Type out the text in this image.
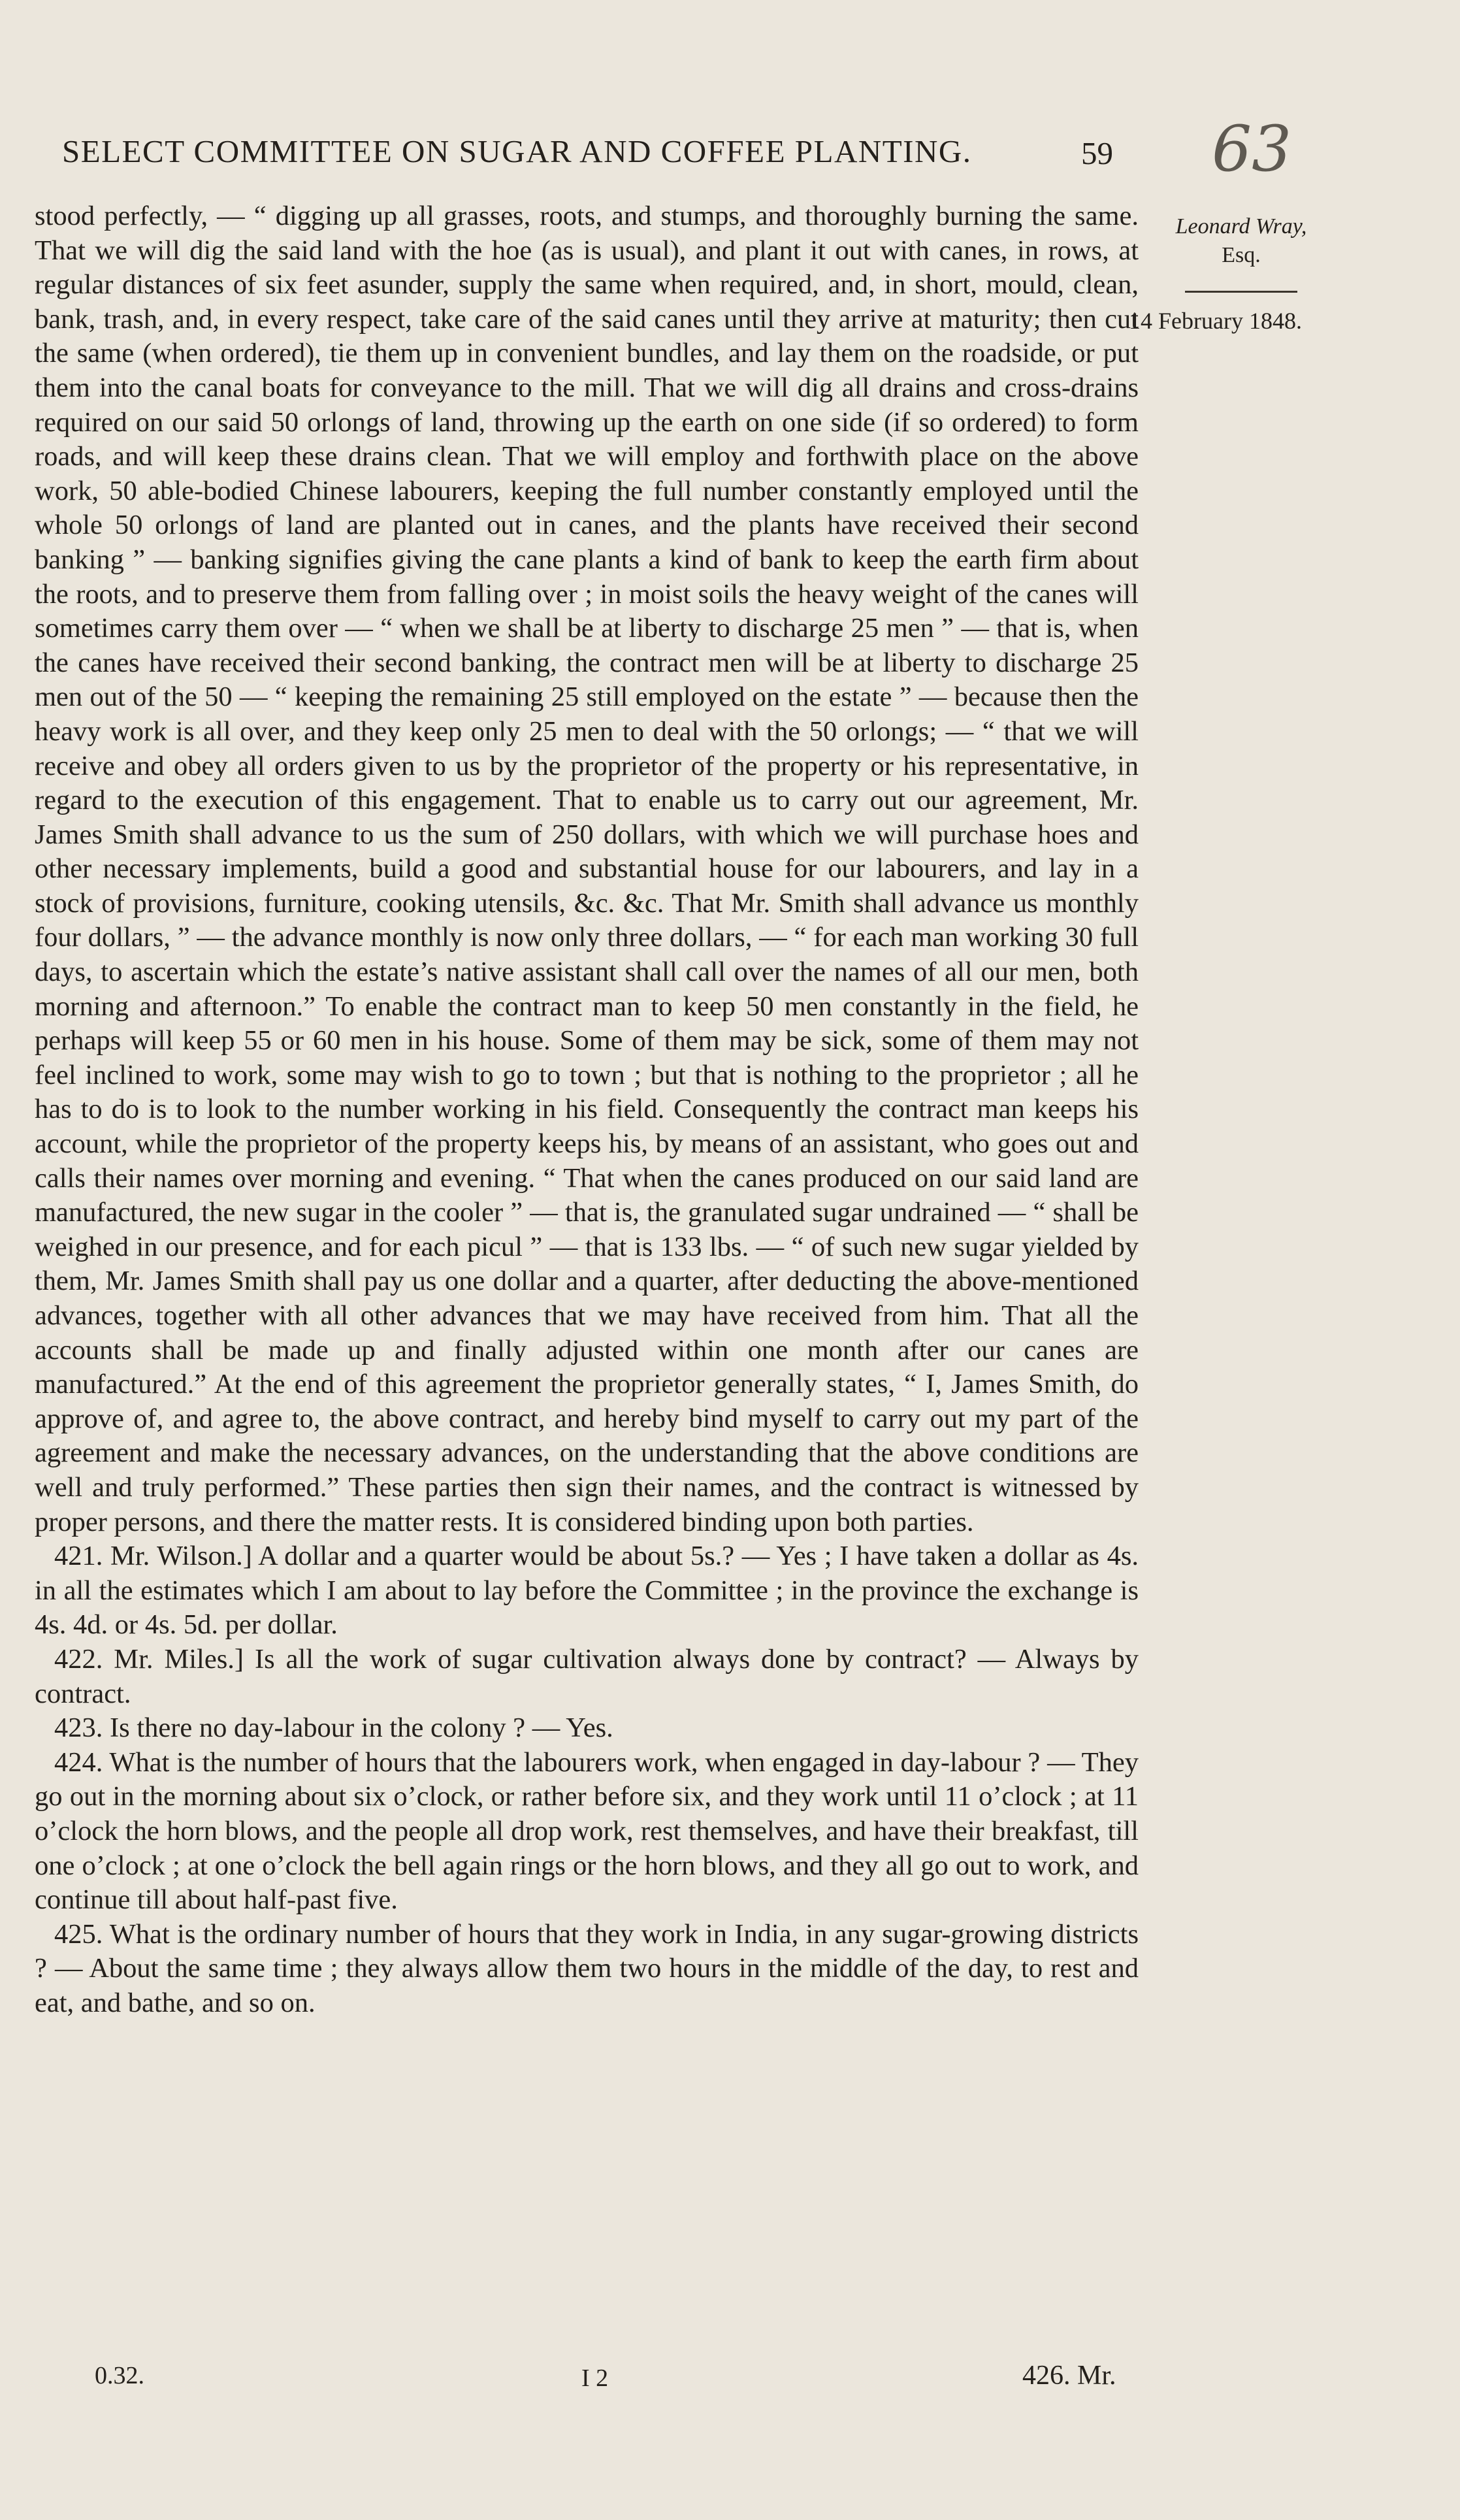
SELECT COMMITTEE ON SUGAR AND COFFEE PLANTING.	59 63
Leonard Wray,
Esq.
14 February 1848.

stood perfectly, — “ digging up all grasses, roots, and stumps, and thoroughly burning the same. That we will dig the said land with the hoe (as is usual), and plant it out with canes, in rows, at regular distances of six feet asunder, supply the same when required, and, in short, mould, clean, bank, trash, and, in every respect, take care of the said canes until they arrive at maturity; then cut the same (when ordered), tie them up in convenient bundles, and lay them on the roadside, or put them into the canal boats for conveyance to the mill. That we will dig all drains and cross-drains required on our said 50 orlongs of land, throwing up the earth on one side (if so ordered) to form roads, and will keep these drains clean. That we will employ and forthwith place on the above work, 50 able-bodied Chinese labourers, keeping the full number constantly employed until the whole 50 orlongs of land are planted out in canes, and the plants have received their second banking ” — banking signifies giving the cane plants a kind of bank to keep the earth firm about the roots, and to preserve them from falling over ; in moist soils the heavy weight of the canes will sometimes carry them over — “ when we shall be at liberty to discharge 25 men ” — that is, when the canes have received their second banking, the contract men will be at liberty to discharge 25 men out of the 50 — “ keeping the remaining 25 still employed on the estate ” — because then the heavy work is all over, and they keep only 25 men to deal with the 50 orlongs; — “ that we will receive and obey all orders given to us by the proprietor of the property or his representative, in regard to the execution of this engagement. That to enable us to carry out our agreement, Mr. James Smith shall advance to us the sum of 250 dollars, with which we will purchase hoes and other necessary implements, build a good and substantial house for our labourers, and lay in a stock of provisions, furniture, cooking utensils, &c. &c. That Mr. Smith shall advance us monthly four dollars, ” — the advance monthly is now only three dollars, — “ for each man working 30 full days, to ascertain which the estate’s native assistant shall call over the names of all our men, both morning and afternoon.” To enable the contract man to keep 50 men constantly in the field, he perhaps will keep 55 or 60 men in his house. Some of them may be sick, some of them may not feel inclined to work, some may wish to go to town ; but that is nothing to the proprietor ; all he has to do is to look to the number working in his field. Consequently the contract man keeps his account, while the proprietor of the property keeps his, by means of an assistant, who goes out and calls their names over morning and evening. “ That when the canes produced on our said land are manufactured, the new sugar in the cooler ” — that is, the granulated sugar undrained — “ shall be weighed in our presence, and for each picul ” — that is 133 lbs. — “ of such new sugar yielded by them, Mr. James Smith shall pay us one dollar and a quarter, after deducting the above-mentioned advances, together with all other advances that we may have received from him. That all the accounts shall be made up and finally adjusted within one month after our canes are manufactured.” At the end of this agreement the proprietor generally states, “ I, James Smith, do approve of, and agree to, the above contract, and hereby bind myself to carry out my part of the agreement and make the necessary advances, on the understanding that the above conditions are well and truly performed.” These parties then sign their names, and the contract is witnessed by proper persons, and there the matter rests. It is considered binding upon both parties.

421. Mr. Wilson.] A dollar and a quarter would be about 5s.? — Yes ; I have taken a dollar as 4s. in all the estimates which I am about to lay before the Committee ; in the province the exchange is 4s. 4d. or 4s. 5d. per dollar.

422. Mr. Miles.] Is all the work of sugar cultivation always done by contract? — Always by contract.

423. Is there no day-labour in the colony ? — Yes.

424. What is the number of hours that the labourers work, when engaged in day-labour ? — They go out in the morning about six o’clock, or rather before six, and they work until 11 o’clock ; at 11 o’clock the horn blows, and the people all drop work, rest themselves, and have their breakfast, till one o’clock ; at one o’clock the bell again rings or the horn blows, and they all go out to work, and continue till about half-past five.

425. What is the ordinary number of hours that they work in India, in any sugar-growing districts ? — About the same time ; they always allow them two hours in the middle of the day, to rest and eat, and bathe, and so on.

0.32.	I 2	426. Mr.
